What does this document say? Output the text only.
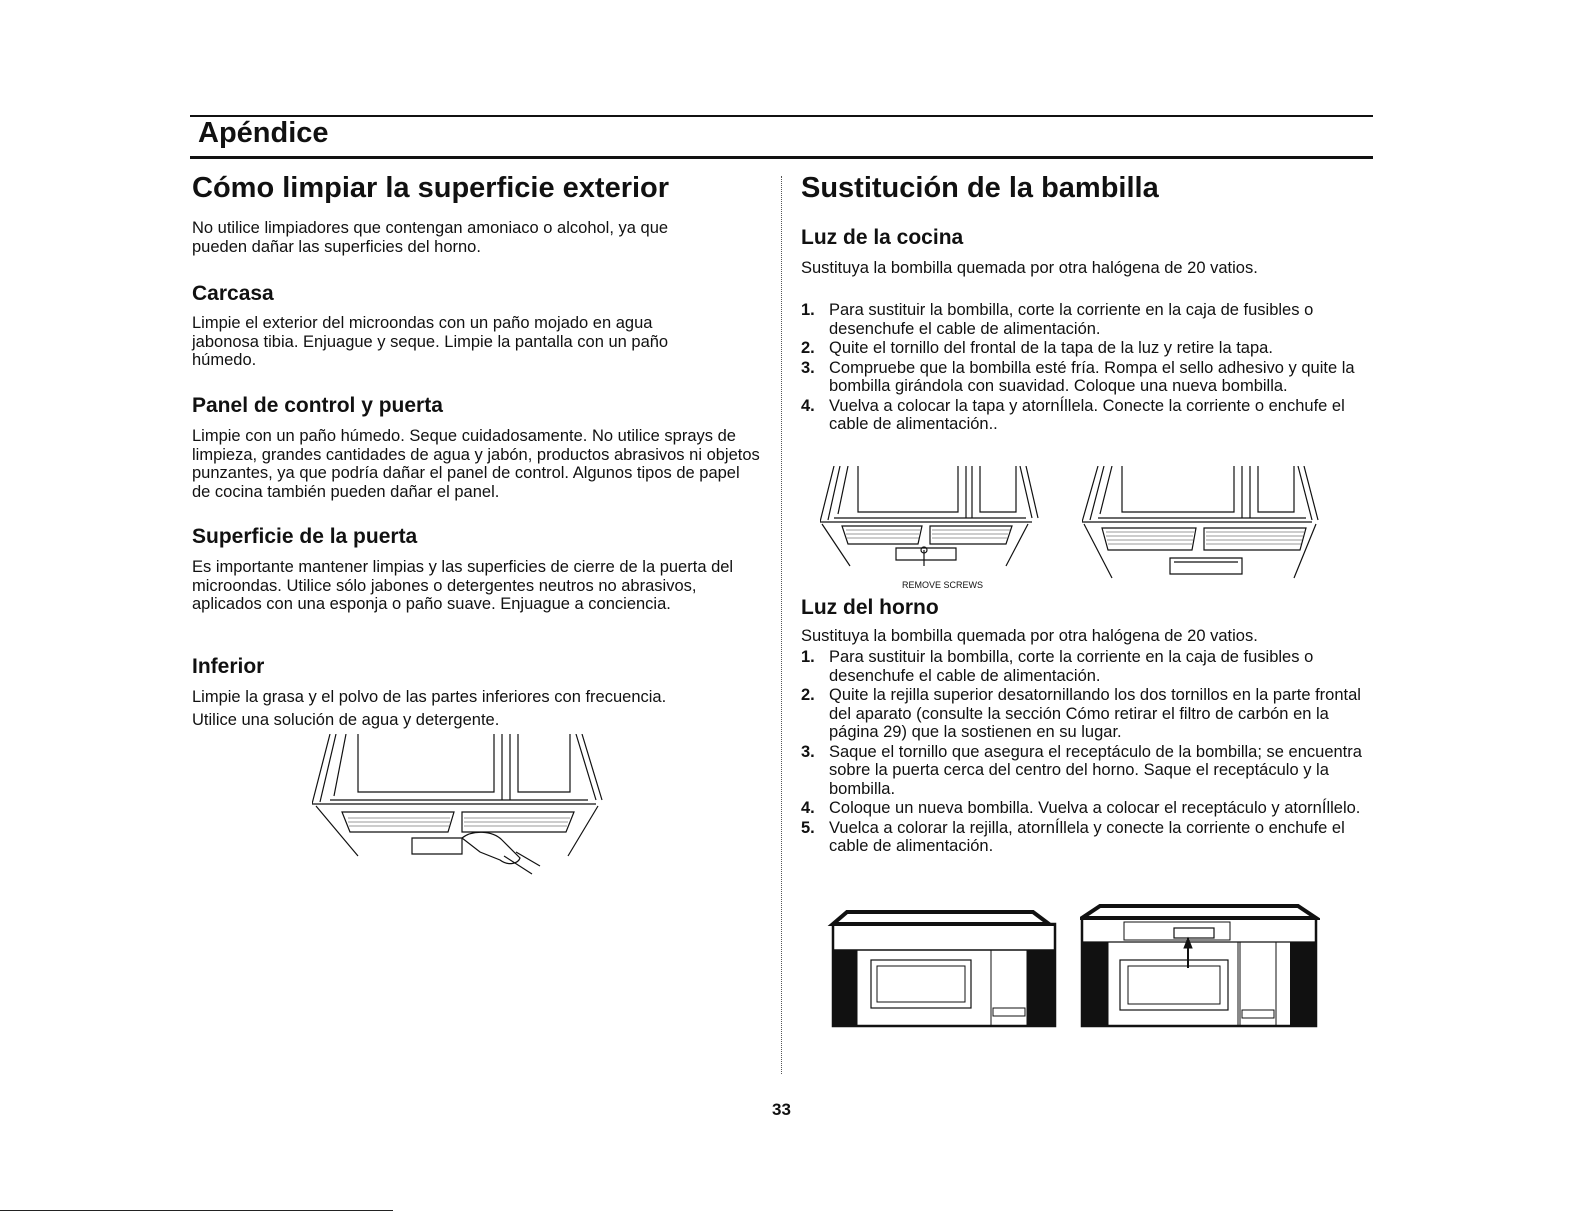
Apéndice
Cómo limpiar la superficie exterior

No utilice limpiadores que contengan amoniaco o alcohol, ya que pueden dañar las superficies del horno.

Carcasa

Limpie el exterior del microondas con un paño mojado en agua jabonosa tibia. Enjuague y seque. Limpie la pantalla con un paño húmedo.

Panel de control y puerta

Limpie con un paño húmedo. Seque cuidadosamente. No utilice sprays de limpieza, grandes cantidades de agua y jabón, productos abrasivos ni objetos punzantes, ya que podría dañar el panel de control. Algunos tipos de papel de cocina también pueden dañar el panel.

Superficie de la puerta

Es importante mantener limpias y las superficies de cierre de la puerta del microondas. Utilice sólo jabones o detergentes neutros no abrasivos, aplicados con una esponja o paño suave. Enjuague a conciencia.

Inferior

Limpie la grasa y el polvo de las partes inferiores con frecuencia.

Utilice una solución de agua y detergente.

Sustitución de la bambilla
Luz de la cocina

Sustituya la bombilla quemada por otra halógena de 20 vatios.

1. Para sustituir la bombilla, corte la corriente en la caja de fusibles o desenchufe el cable de alimentación.
2. Quite el tornillo del frontal de la tapa de la luz y retire la tapa.
3. Compruebe que la bombilla esté fría. Rompa el sello adhesivo y quite la bombilla girándola con suavidad. Coloque una nueva bombilla.
4. Vuelva a colocar la tapa y atornÍllela. Conecte la corriente o enchufe el cable de alimentación..
REMOVE SCREWS
Luz del horno

Sustituya la bombilla quemada por otra halógena de 20 vatios.

1. Para sustituir la bombilla, corte la corriente en la caja de fusibles o desenchufe el cable de alimentación.
2. Quite la rejilla superior desatornillando los dos tornillos en la parte frontal del aparato (consulte la sección Cómo retirar el filtro de carbón en la página 29) que la sostienen en su lugar.
3. Saque el tornillo que asegura el receptáculo de la bombilla; se encuentra sobre la puerta cerca del centro del horno. Saque el receptáculo y la bombilla.
4. Coloque un nueva bombilla. Vuelva a colocar el receptáculo y atornÍllelo.
5. Vuelca a colorar la rejilla, atornÍllela y conecte la corriente o enchufe el cable de alimentación.
33
